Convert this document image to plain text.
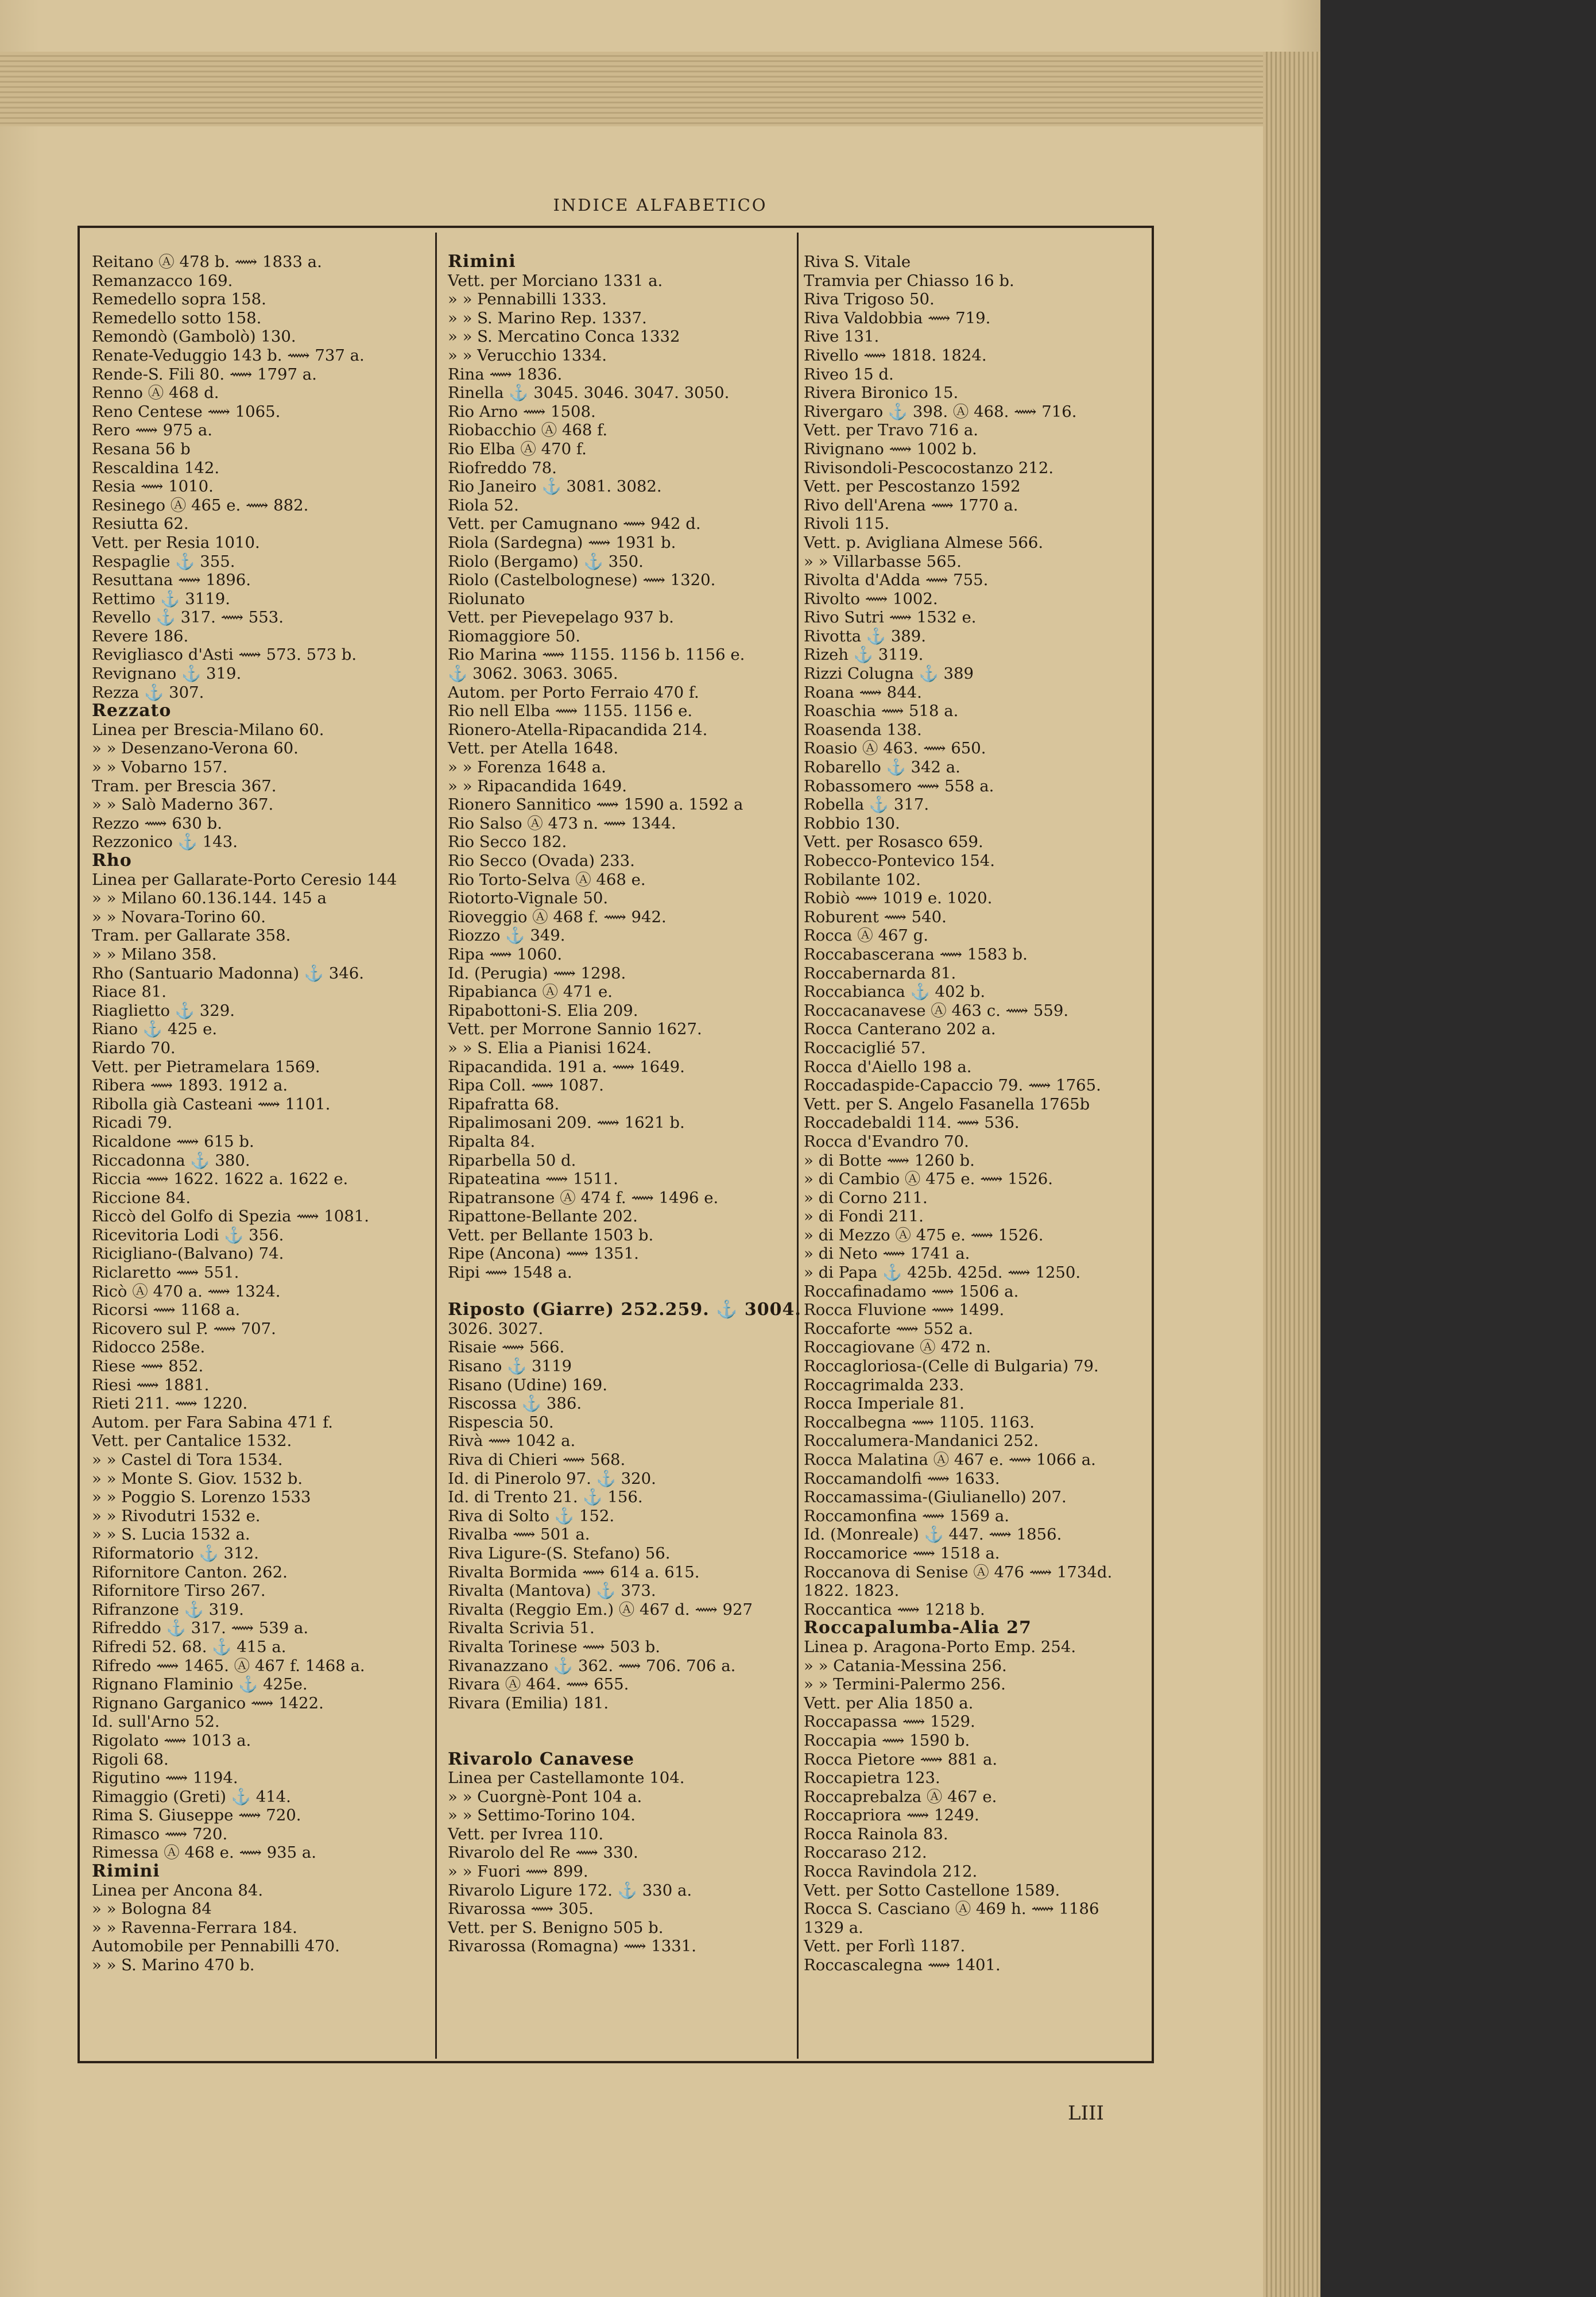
INDICE ALFABETICO
Reitano Ⓐ 478 b. ⟿ 1833 a.
Remanzacco 169.
Remedello sopra 158.
Remedello sotto 158.
Remondò (Gambolò) 130.
Renate-Veduggio 143 b. ⟿ 737 a.
Rende-S. Fili 80. ⟿ 1797 a.
Renno Ⓐ 468 d.
Reno Centese ⟿ 1065.
Rero ⟿ 975 a.
Resana 56 b
Rescaldina 142.
Resia ⟿ 1010.
Resinego Ⓐ 465 e. ⟿ 882.
Resiutta 62.
Vett. per Resia 1010.
Respaglie ⚓ 355.
Resuttana ⟿ 1896.
Rettimo ⚓ 3119.
Revello ⚓ 317. ⟿ 553.
Revere 186.
Revigliasco d'Asti ⟿ 573. 573 b.
Revignano ⚓ 319.
Rezza ⚓ 307.
Rezzato
Linea per Brescia-Milano 60.
» » Desenzano-Verona 60.
» » Vobarno 157.
Tram. per Brescia 367.
» » Salò Maderno 367.
Rezzo ⟿ 630 b.
Rezzonico ⚓ 143.
Rho
Linea per Gallarate-Porto Ceresio 144
» » Milano 60.136.144. 145 a
» » Novara-Torino 60.
Tram. per Gallarate 358.
» » Milano 358.
Rho (Santuario Madonna) ⚓ 346.
Riace 81.
Riaglietto ⚓ 329.
Riano ⚓ 425 e.
Riardo 70.
Vett. per Pietramelara 1569.
Ribera ⟿ 1893. 1912 a.
Ribolla già Casteani ⟿ 1101.
Ricadi 79.
Ricaldone ⟿ 615 b.
Riccadonna ⚓ 380.
Riccia ⟿ 1622. 1622 a. 1622 e.
Riccione 84.
Riccò del Golfo di Spezia ⟿ 1081.
Ricevitoria Lodi ⚓ 356.
Ricigliano-(Balvano) 74.
Riclaretto ⟿ 551.
Ricò Ⓐ 470 a. ⟿ 1324.
Ricorsi ⟿ 1168 a.
Ricovero sul P. ⟿ 707.
Ridocco 258e.
Riese ⟿ 852.
Riesi ⟿ 1881.
Rieti 211. ⟿ 1220.
Autom. per Fara Sabina 471 f.
Vett. per Cantalice 1532.
» » Castel di Tora 1534.
» » Monte S. Giov. 1532 b.
» » Poggio S. Lorenzo 1533
» » Rivodutri 1532 e.
» » S. Lucia 1532 a.
Riformatorio ⚓ 312.
Rifornitore Canton. 262.
Rifornitore Tirso 267.
Rifranzone ⚓ 319.
Rifreddo ⚓ 317. ⟿ 539 a.
Rifredi 52. 68. ⚓ 415 a.
Rifredo ⟿ 1465. Ⓐ 467 f. 1468 a.
Rignano Flaminio ⚓ 425e.
Rignano Garganico ⟿ 1422.
Id. sull'Arno 52.
Rigolato ⟿ 1013 a.
Rigoli 68.
Rigutino ⟿ 1194.
Rimaggio (Greti) ⚓ 414.
Rima S. Giuseppe ⟿ 720.
Rimasco ⟿ 720.
Rimessa Ⓐ 468 e. ⟿ 935 a.
Rimini
Linea per Ancona 84.
» » Bologna 84
» » Ravenna-Ferrara 184.
Automobile per Pennabilli 470.
» » S. Marino 470 b.
Rimini
Vett. per Morciano 1331 a.
» » Pennabilli 1333.
» » S. Marino Rep. 1337.
» » S. Mercatino Conca 1332
» » Verucchio 1334.
Rina ⟿ 1836.
Rinella ⚓ 3045. 3046. 3047. 3050.
Rio Arno ⟿ 1508.
Riobacchio Ⓐ 468 f.
Rio Elba Ⓐ 470 f.
Riofreddo 78.
Rio Janeiro ⚓ 3081. 3082.
Riola 52.
Vett. per Camugnano ⟿ 942 d.
Riola (Sardegna) ⟿ 1931 b.
Riolo (Bergamo) ⚓ 350.
Riolo (Castelbolognese) ⟿ 1320.
Riolunato
Vett. per Pievepelago 937 b.
Riomaggiore 50.
Rio Marina ⟿ 1155. 1156 b. 1156 e.
⚓ 3062. 3063. 3065.
Autom. per Porto Ferraio 470 f.
Rio nell Elba ⟿ 1155. 1156 e.
Rionero-Atella-Ripacandida 214.
Vett. per Atella 1648.
» » Forenza 1648 a.
» » Ripacandida 1649.
Rionero Sannitico ⟿ 1590 a. 1592 a
Rio Salso Ⓐ 473 n. ⟿ 1344.
Rio Secco 182.
Rio Secco (Ovada) 233.
Rio Torto-Selva Ⓐ 468 e.
Riotorto-Vignale 50.
Rioveggio Ⓐ 468 f. ⟿ 942.
Riozzo ⚓ 349.
Ripa ⟿ 1060.
Id. (Perugia) ⟿ 1298.
Ripabianca Ⓐ 471 e.
Ripabottoni-S. Elia 209.
Vett. per Morrone Sannio 1627.
» » S. Elia a Pianisi 1624.
Ripacandida. 191 a. ⟿ 1649.
Ripa Coll. ⟿ 1087.
Ripafratta 68.
Ripalimosani 209. ⟿ 1621 b.
Ripalta 84.
Riparbella 50 d.
Ripateatina ⟿ 1511.
Ripatransone Ⓐ 474 f. ⟿ 1496 e.
Ripattone-Bellante 202.
Vett. per Bellante 1503 b.
Ripe (Ancona) ⟿ 1351.
Ripi ⟿ 1548 a.
Riposto (Giarre) 252.259. ⚓ 3004.
3026. 3027.
Risaie ⟿ 566.
Risano ⚓ 3119
Risano (Udine) 169.
Riscossa ⚓ 386.
Rispescia 50.
Rivà ⟿ 1042 a.
Riva di Chieri ⟿ 568.
Id. di Pinerolo 97. ⚓ 320.
Id. di Trento 21. ⚓ 156.
Riva di Solto ⚓ 152.
Rivalba ⟿ 501 a.
Riva Ligure-(S. Stefano) 56.
Rivalta Bormida ⟿ 614 a. 615.
Rivalta (Mantova) ⚓ 373.
Rivalta (Reggio Em.) Ⓐ 467 d. ⟿ 927
Rivalta Scrivia 51.
Rivalta Torinese ⟿ 503 b.
Rivanazzano ⚓ 362. ⟿ 706. 706 a.
Rivara Ⓐ 464. ⟿ 655.
Rivara (Emilia) 181.
Rivarolo Canavese
Linea per Castellamonte 104.
» » Cuorgnè-Pont 104 a.
» » Settimo-Torino 104.
Vett. per Ivrea 110.
Rivarolo del Re ⟿ 330.
» » Fuori ⟿ 899.
Rivarolo Ligure 172. ⚓ 330 a.
Rivarossa ⟿ 305.
Vett. per S. Benigno 505 b.
Rivarossa (Romagna) ⟿ 1331.
Riva S. Vitale
Tramvia per Chiasso 16 b.
Riva Trigoso 50.
Riva Valdobbia ⟿ 719.
Rive 131.
Rivello ⟿ 1818. 1824.
Riveo 15 d.
Rivera Bironico 15.
Rivergaro ⚓ 398. Ⓐ 468. ⟿ 716.
Vett. per Travo 716 a.
Rivignano ⟿ 1002 b.
Rivisondoli-Pescocostanzo 212.
Vett. per Pescostanzo 1592
Rivo dell'Arena ⟿ 1770 a.
Rivoli 115.
Vett. p. Avigliana Almese 566.
» » Villarbasse 565.
Rivolta d'Adda ⟿ 755.
Rivolto ⟿ 1002.
Rivo Sutri ⟿ 1532 e.
Rivotta ⚓ 389.
Rizeh ⚓ 3119.
Rizzi Colugna ⚓ 389
Roana ⟿ 844.
Roaschia ⟿ 518 a.
Roasenda 138.
Roasio Ⓐ 463. ⟿ 650.
Robarello ⚓ 342 a.
Robassomero ⟿ 558 a.
Robella ⚓ 317.
Robbio 130.
Vett. per Rosasco 659.
Robecco-Pontevico 154.
Robilante 102.
Robiò ⟿ 1019 e. 1020.
Roburent ⟿ 540.
Rocca Ⓐ 467 g.
Roccabascerana ⟿ 1583 b.
Roccabernarda 81.
Roccabianca ⚓ 402 b.
Roccacanavese Ⓐ 463 c. ⟿ 559.
Rocca Canterano 202 a.
Roccaciglié 57.
Rocca d'Aiello 198 a.
Roccadaspide-Capaccio 79. ⟿ 1765.
Vett. per S. Angelo Fasanella 1765b
Roccadebaldi 114. ⟿ 536.
Rocca d'Evandro 70.
» di Botte ⟿ 1260 b.
» di Cambio Ⓐ 475 e. ⟿ 1526.
» di Corno 211.
» di Fondi 211.
» di Mezzo Ⓐ 475 e. ⟿ 1526.
» di Neto ⟿ 1741 a.
» di Papa ⚓ 425b. 425d. ⟿ 1250.
Roccafinadamo ⟿ 1506 a.
Rocca Fluvione ⟿ 1499.
Roccaforte ⟿ 552 a.
Roccagiovane Ⓐ 472 n.
Roccagloriosa-(Celle di Bulgaria) 79.
Roccagrimalda 233.
Rocca Imperiale 81.
Roccalbegna ⟿ 1105. 1163.
Roccalumera-Mandanici 252.
Rocca Malatina Ⓐ 467 e. ⟿ 1066 a.
Roccamandolfi ⟿ 1633.
Roccamassima-(Giulianello) 207.
Roccamonfina ⟿ 1569 a.
Id. (Monreale) ⚓ 447. ⟿ 1856.
Roccamorice ⟿ 1518 a.
Roccanova di Senise Ⓐ 476 ⟿ 1734d.
1822. 1823.
Roccantica ⟿ 1218 b.
Roccapalumba-Alia 27
Linea p. Aragona-Porto Emp. 254.
» » Catania-Messina 256.
» » Termini-Palermo 256.
Vett. per Alia 1850 a.
Roccapassa ⟿ 1529.
Roccapia ⟿ 1590 b.
Rocca Pietore ⟿ 881 a.
Roccapietra 123.
Roccaprebalza Ⓐ 467 e.
Roccapriora ⟿ 1249.
Rocca Rainola 83.
Roccaraso 212.
Rocca Ravindola 212.
Vett. per Sotto Castellone 1589.
Rocca S. Casciano Ⓐ 469 h. ⟿ 1186
1329 a.
Vett. per Forlì 1187.
Roccascalegna ⟿ 1401.
LIII
